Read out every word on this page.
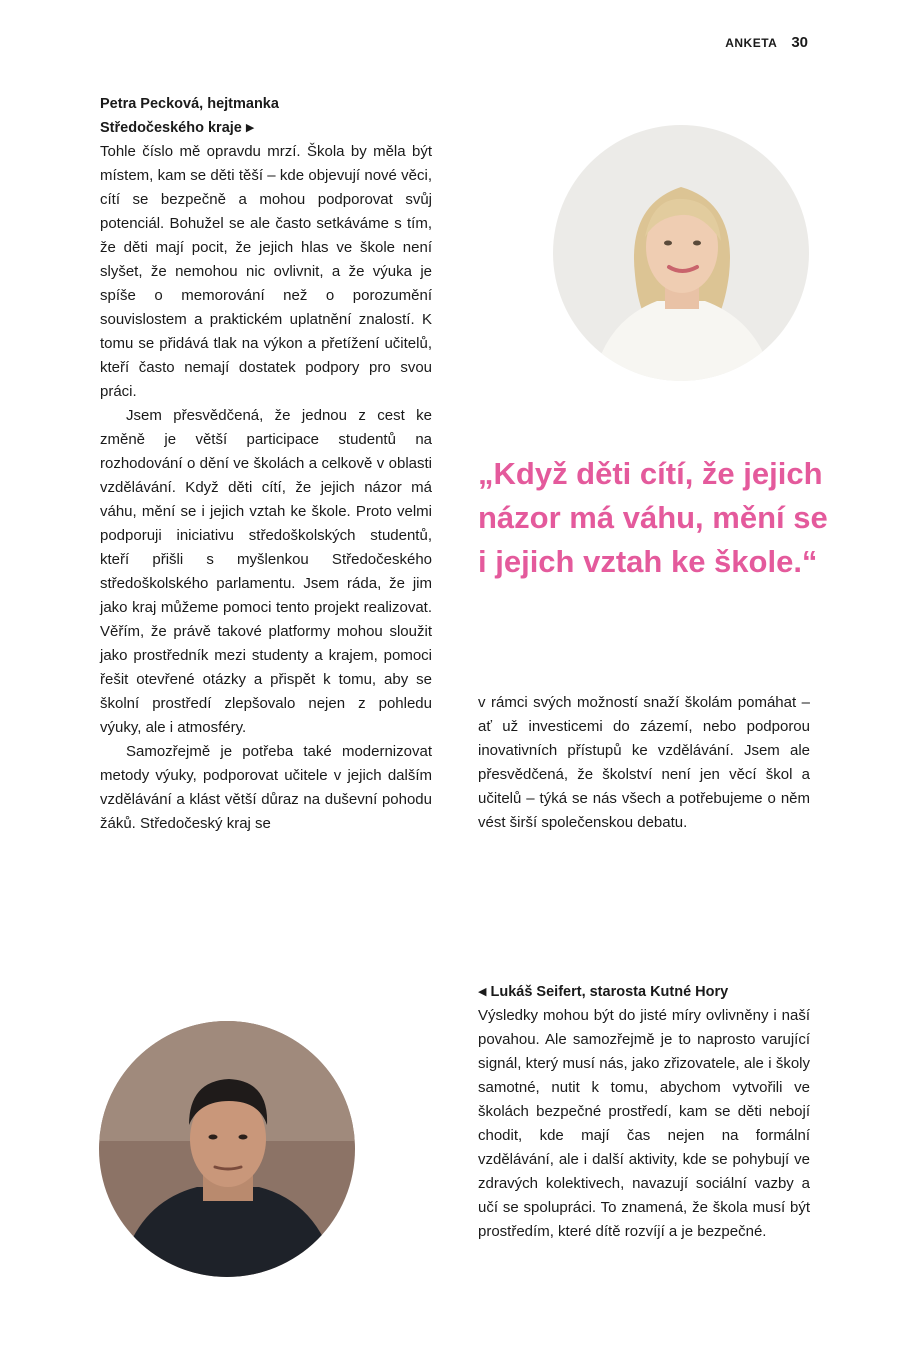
ANKETA 30
Petra Pecková, hejtmanka
Středočeského kraje ▶

Tohle číslo mě opravdu mrzí. Škola by měla být místem, kam se děti těší – kde objevují nové věci, cítí se bezpečně a mohou podporovat svůj potenciál. Bohužel se ale často setkáváme s tím, že děti mají pocit, že jejich hlas ve škole není slyšet, že nemohou nic ovlivnit, a že výuka je spíše o memorování než o porozumění souvislostem a praktickém uplatnění znalostí. K tomu se přidává tlak na výkon a přetížení učitelů, kteří často nemají dostatek podpory pro svou práci.

Jsem přesvědčená, že jednou z cest ke změně je větší participace studentů na rozhodování o dění ve školách a celkově v oblasti vzdělávání. Když děti cítí, že jejich názor má váhu, mění se i jejich vztah ke škole. Proto velmi podporuji iniciativu středoškolských studentů, kteří přišli s myšlenkou Středočeského středoškolského parlamentu. Jsem ráda, že jim jako kraj můžeme pomoci tento projekt realizovat. Věřím, že právě takové platformy mohou sloužit jako prostředník mezi studenty a krajem, pomoci řešit otevřené otázky a přispět k tomu, aby se školní prostředí zlepšovalo nejen z pohledu výuky, ale i atmosféry.

Samozřejmě je potřeba také modernizovat metody výuky, podporovat učitele v jejich dalším vzdělávání a klást větší důraz na duševní pohodu žáků. Středočeský kraj se

„Když děti cítí, že jejich názor má váhu, mění se i jejich vztah ke škole.“

v rámci svých možností snaží školám pomáhat – ať už investicemi do zázemí, nebo podporou inovativních přístupů ke vzdělávání. Jsem ale přesvědčená, že školství není jen věcí škol a učitelů – týká se nás všech a potřebujeme o něm vést širší společenskou debatu.

◀ Lukáš Seifert, starosta Kutné Hory

Výsledky mohou být do jisté míry ovlivněny i naší povahou. Ale samozřejmě je to naprosto varující signál, který musí nás, jako zřizovatele, ale i školy samotné, nutit k tomu, abychom vytvořili ve školách bezpečné prostředí, kam se děti nebojí chodit, kde mají čas nejen na formální vzdělávání, ale i další aktivity, kde se pohybují ve zdravých kolektivech, navazují sociální vazby a učí se spolupráci. To znamená, že škola musí být prostředím, které dítě rozvíjí a je bezpečné.
